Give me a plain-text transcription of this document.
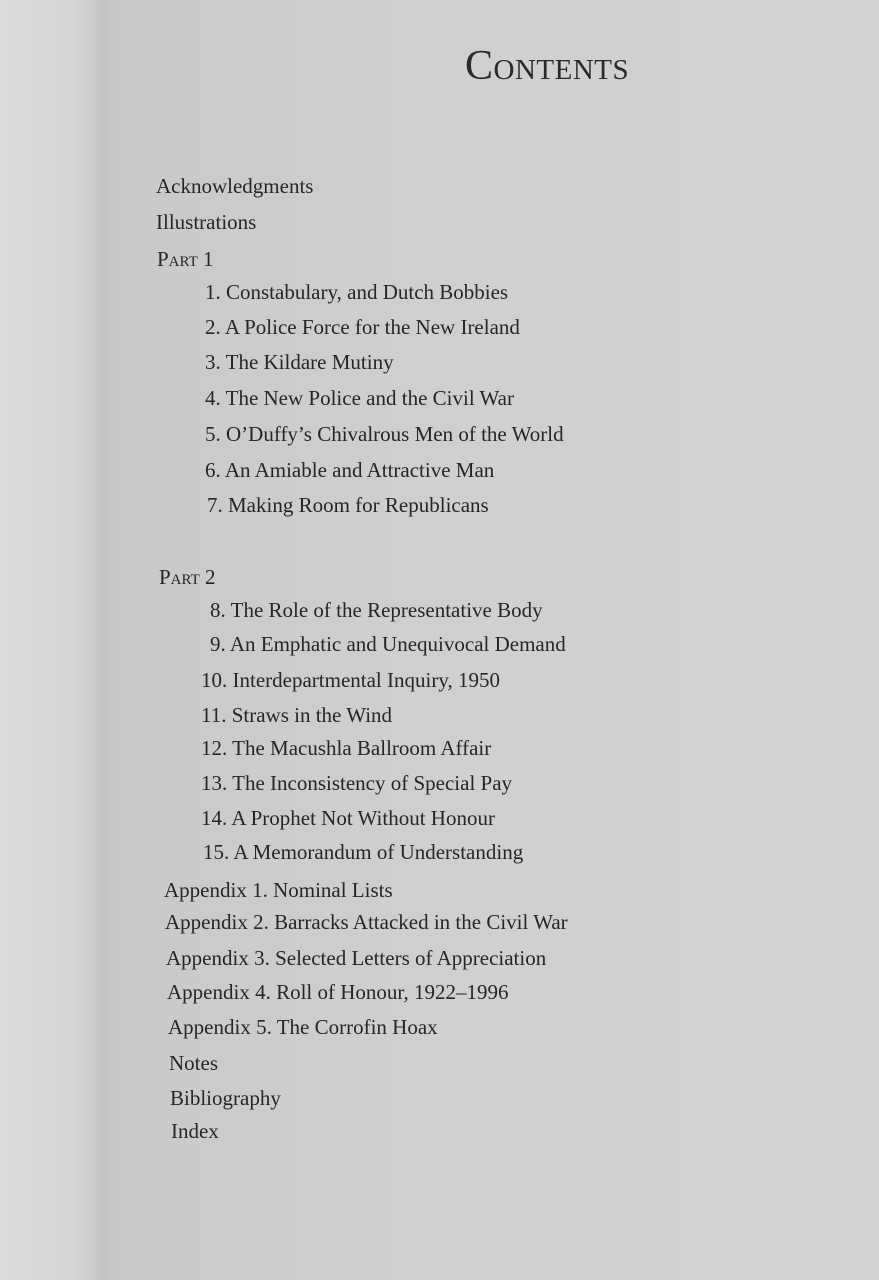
Contents
Acknowledgments
Illustrations
Part 1
1. Constabulary, and Dutch Bobbies
2. A Police Force for the New Ireland
3. The Kildare Mutiny
4. The New Police and the Civil War
5. O’Duffy’s Chivalrous Men of the World
6. An Amiable and Attractive Man
7. Making Room for Republicans
Part 2
8. The Role of the Representative Body
9. An Emphatic and Unequivocal Demand
10. Interdepartmental Inquiry, 1950
11. Straws in the Wind
12. The Macushla Ballroom Affair
13. The Inconsistency of Special Pay
14. A Prophet Not Without Honour
15. A Memorandum of Understanding
Appendix 1. Nominal Lists
Appendix 2. Barracks Attacked in the Civil War
Appendix 3. Selected Letters of Appreciation
Appendix 4. Roll of Honour, 1922–1996
Appendix 5. The Corrofin Hoax
Notes
Bibliography
Index
